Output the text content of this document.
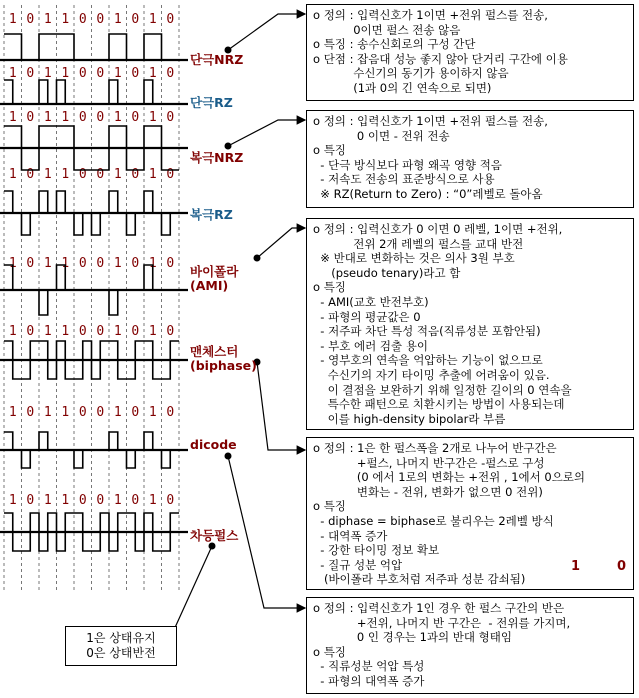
1 0 1 1 0 0 1 0 1 0
1 0 1 1 0 0 1 0 1 0
1 0 1 1 0 0 1 0 1 0
1 0 1 1 0 0 1 0 1 0
1 0 1 1 0 0 1 0 1 0
1 0 1 1 0 0 1 0 1 0
1 0 1 1 0 0 1 0 1 0
1 0 1 1 0 0 1 0 1 0
단극NRZ
단극RZ
복극NRZ
복극RZ
바이폴라
(AMI)
맨체스터
(biphase)
dicode
차등펄스
o 정의 : 입력신호가 1이면 +전위 펄스를 전송,
0이면 펄스 전송 않음
o 특징 : 송수신회로의 구성 간단
o 단점 : 잡음대 성능 좋지 않아 단거리 구간에 이용
수신기의 동기가 용이하지 않음
(1과 0의 긴 연속으로 되면)
o 정의 : 입력신호가 1이면 +전위 펄스를 전송,
0 이면 - 전위 전송
o 특징
- 단극 방식보다 파형 왜곡 영향 적음
- 저속도 전송의 표준방식으로 사용
※ RZ(Return to Zero) : “0”레벨로 돌아옴
o 정의 : 입력신호가 0 이면 0 레벨, 1이면 +전위,
전위 2개 레벨의 펄스를 교대 반전
※ 반대로 변화하는 것은 의사 3원 부호
(pseudo tenary)라고 함
o 특징
- AMI(교호 반전부호)
- 파형의 평균값은 0
- 저주파 차단 특성 적음(직류성분 포함안됨)
- 부호 에러 검출 용이
- 영부호의 연속을 억압하는 기능이 없으므로
수신기의 자기 타이밍 추출에 어려움이 있음.
이 결점을 보완하기 위해 일정한 길이의 0 연속을
특수한 패턴으로 치환시키는 방법이 사용되는데
이를 high-density bipolar라 부름
o 정의 : 1은 한 펄스폭을 2개로 나누어 반구간은
+펄스, 나머지 반구간은 -펄스로 구성
(0 에서 1로의 변화는 +전위 , 1에서 0으로의
변화는 - 전위, 변화가 없으면 0 전위)
o 특징
- diphase = biphase로 불리우는 2레벨 방식
- 대역폭 증가
- 강한 타이밍 정보 확보
- 질규 성분 억압
(바이폴라 부호처럼 저주파 성분 감쇠됨)
o 정의 : 입력신호가 1인 경우 한 펄스 구간의 반은
+전위, 나머지 반 구간은  - 전위를 가지며,
0 인 경우는 1과의 반대 형태임
o 특징
- 직류성분 억압 특성
- 파형의 대역폭 증가
1	0
1은 상태유지
0은 상태반전
